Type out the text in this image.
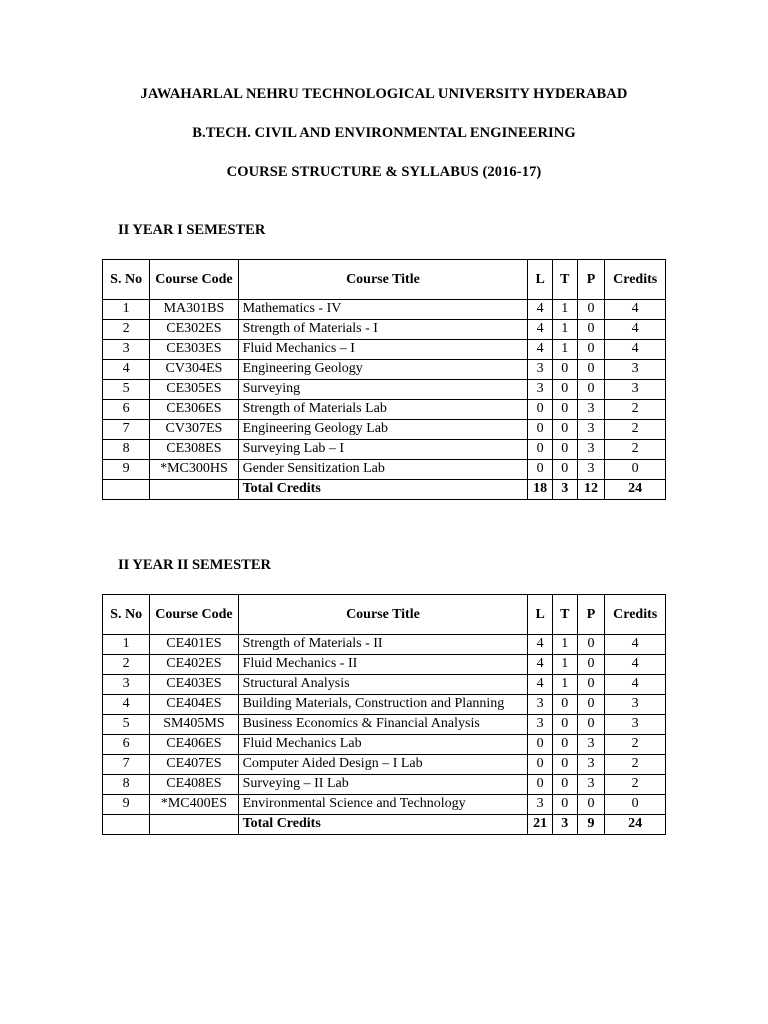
JAWAHARLAL NEHRU TECHNOLOGICAL UNIVERSITY HYDERABAD

B.TECH. CIVIL AND ENVIRONMENTAL ENGINEERING

COURSE STRUCTURE & SYLLABUS (2016-17)

II YEAR I SEMESTER

S. No	Course Code	Course Title	L	T	P	Credits
1	MA301BS	Mathematics - IV	4	1	0	4
2	CE302ES	Strength of Materials - I	4	1	0	4
3	CE303ES	Fluid Mechanics – I	4	1	0	4
4	CV304ES	Engineering Geology	3	0	0	3
5	CE305ES	Surveying	3	0	0	3
6	CE306ES	Strength of Materials Lab	0	0	3	2
7	CV307ES	Engineering Geology Lab	0	0	3	2
8	CE308ES	Surveying Lab – I	0	0	3	2
9	*MC300HS	Gender Sensitization Lab	0	0	3	0
		Total Credits	18	3	12	24

II YEAR II SEMESTER

S. No	Course Code	Course Title	L	T	P	Credits
1	CE401ES	Strength of Materials - II	4	1	0	4
2	CE402ES	Fluid Mechanics - II	4	1	0	4
3	CE403ES	Structural Analysis	4	1	0	4
4	CE404ES	Building Materials, Construction and Planning	3	0	0	3
5	SM405MS	Business Economics & Financial Analysis	3	0	0	3
6	CE406ES	Fluid Mechanics Lab	0	0	3	2
7	CE407ES	Computer Aided Design – I Lab	0	0	3	2
8	CE408ES	Surveying – II Lab	0	0	3	2
9	*MC400ES	Environmental Science and Technology	3	0	0	0
		Total Credits	21	3	9	24
